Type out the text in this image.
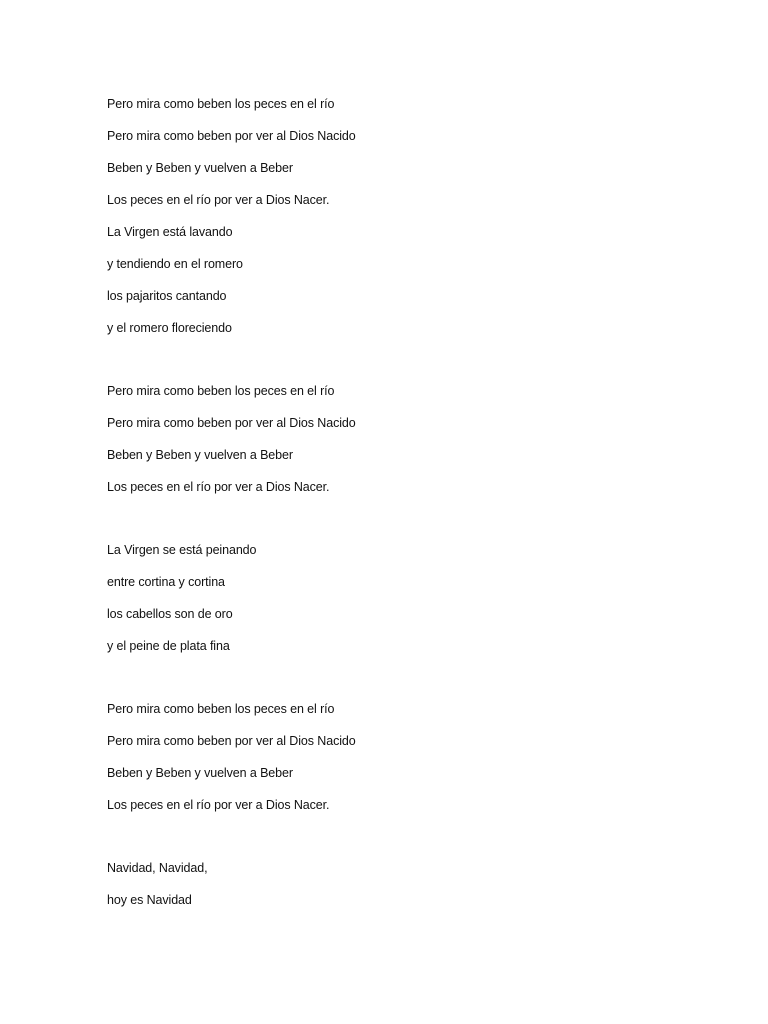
Pero mira como beben los peces en el río
Pero mira como beben por ver al Dios Nacido
Beben y Beben y vuelven a Beber
Los peces en el río por ver a Dios Nacer.
La Virgen está lavando
y tendiendo en el romero
los pajaritos cantando
y el romero floreciendo
Pero mira como beben los peces en el río
Pero mira como beben por ver al Dios Nacido
Beben y Beben y vuelven a Beber
Los peces en el río por ver a Dios Nacer.
La Virgen se está peinando
entre cortina y cortina
los cabellos son de oro
y el peine de plata fina
Pero mira como beben los peces en el río
Pero mira como beben por ver al Dios Nacido
Beben y Beben y vuelven a Beber
Los peces en el río por ver a Dios Nacer.
Navidad, Navidad,
hoy es Navidad
